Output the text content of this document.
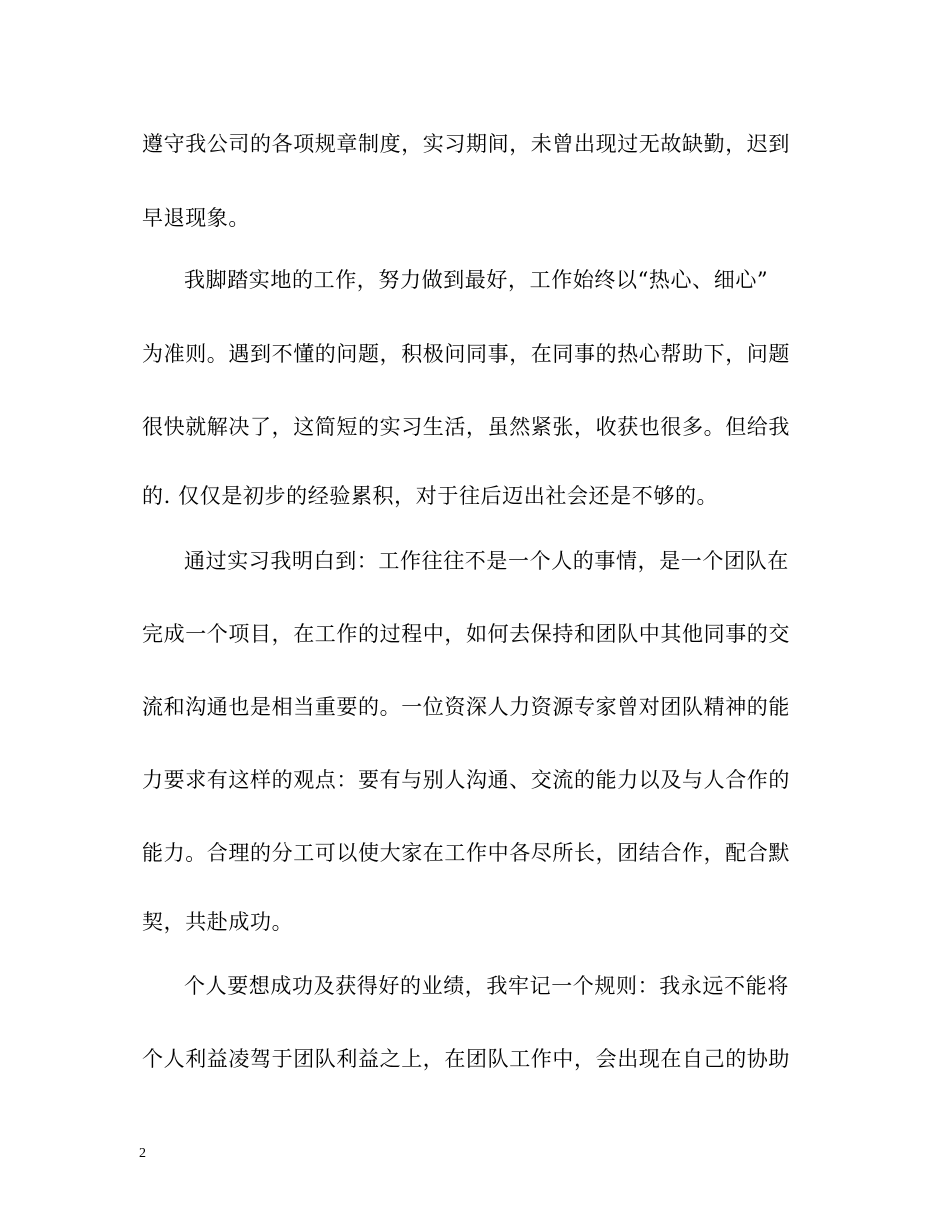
遵守我公司的各项规章制度，实习期间，未曾出现过无故缺勤，迟到
早退现象。
我脚踏实地的工作，努力做到最好，工作始终以“热心、细心”
为准则。遇到不懂的问题，积极问同事，在同事的热心帮助下，问题
很快就解决了，这简短的实习生活，虽然紧张，收获也很多。但给我
的. 仅仅是初步的经验累积，对于往后迈出社会还是不够的。
通过实习我明白到：工作往往不是一个人的事情，是一个团队在
完成一个项目，在工作的过程中，如何去保持和团队中其他同事的交
流和沟通也是相当重要的。一位资深人力资源专家曾对团队精神的能
力要求有这样的观点：要有与别人沟通、交流的能力以及与人合作的
能力。合理的分工可以使大家在工作中各尽所长，团结合作，配合默
契，共赴成功。
个人要想成功及获得好的业绩，我牢记一个规则：我永远不能将
个人利益凌驾于团队利益之上，在团队工作中，会出现在自己的协助
2
